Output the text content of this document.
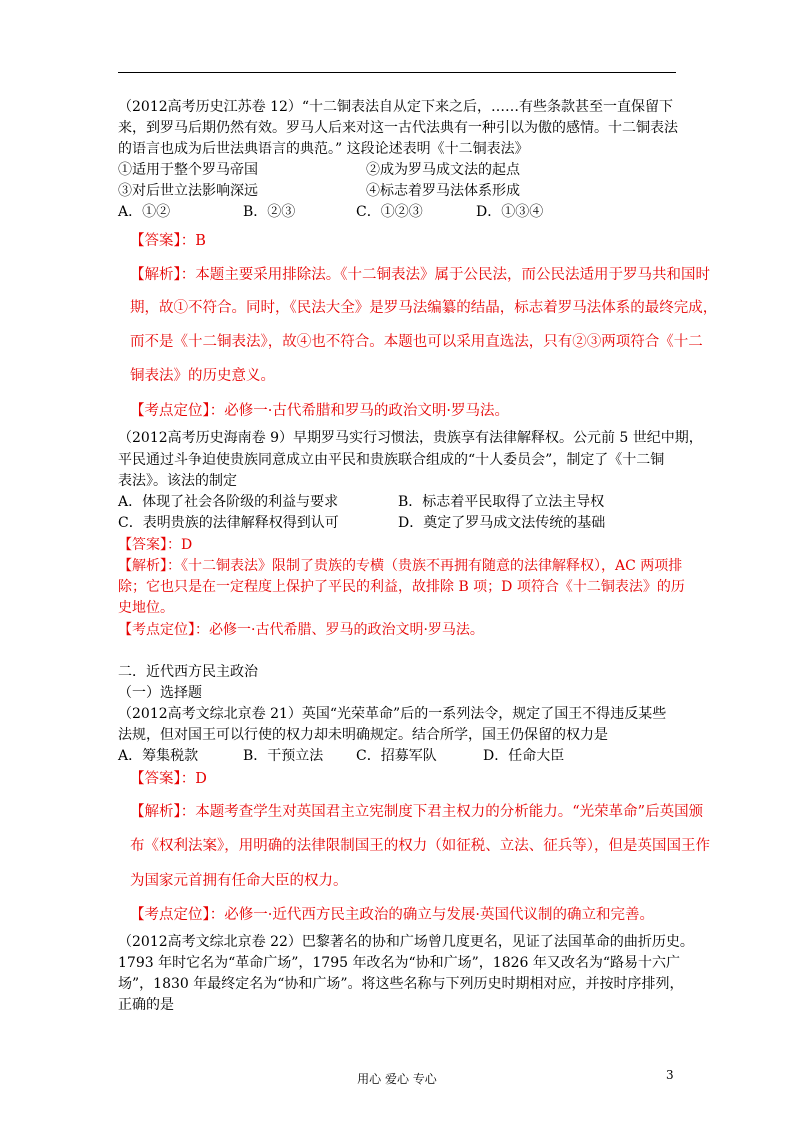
（2012高考历史江苏卷 12）“十二铜表法自从定下来之后，……有些条款甚至一直保留下
来，到罗马后期仍然有效。罗马人后来对这一古代法典有一种引以为傲的感情。十二铜表法
的语言也成为后世法典语言的典范。” 这段论述表明《十二铜表法》
①适用于整个罗马帝国	②成为罗马成文法的起点
③对后世立法影响深远	④标志着罗马法体系形成
A．①②	B．②③	C．①②③	D．①③④
【答案】：B
【解析】：本题主要采用排除法。《十二铜表法》属于公民法，而公民法适用于罗马共和国时
期，故①不符合。同时，《民法大全》是罗马法编纂的结晶，标志着罗马法体系的最终完成，
而不是《十二铜表法》，故④也不符合。本题也可以采用直选法，只有②③两项符合《十二
铜表法》的历史意义。
【考点定位】：必修一·古代希腊和罗马的政治文明·罗马法。
（2012高考历史海南卷 9）早期罗马实行习惯法，贵族享有法律解释权。公元前 5 世纪中期，
平民通过斗争迫使贵族同意成立由平民和贵族联合组成的“十人委员会”，制定了《十二铜
表法》。该法的制定
A．体现了社会各阶级的利益与要求	B．标志着平民取得了立法主导权
C．表明贵族的法律解释权得到认可	D．奠定了罗马成文法传统的基础
【答案】：D
【解析】：《十二铜表法》限制了贵族的专横（贵族不再拥有随意的法律解释权），AC 两项排
除；它也只是在一定程度上保护了平民的利益，故排除 B 项；D 项符合《十二铜表法》的历
史地位。
【考点定位】：必修一·古代希腊、罗马的政治文明·罗马法。
二．近代西方民主政治
（一）选择题
（2012高考文综北京卷 21）英国“光荣革命”后的一系列法令，规定了国王不得违反某些
法规，但对国王可以行使的权力却未明确规定。结合所学，国王仍保留的权力是
A．筹集税款	B．干预立法 C．招募军队	D．任命大臣
【答案】：D
【解析】：本题考查学生对英国君主立宪制度下君主权力的分析能力。“光荣革命”后英国颁
布《权利法案》，用明确的法律限制国王的权力（如征税、立法、征兵等），但是英国国王作
为国家元首拥有任命大臣的权力。
【考点定位】：必修一·近代西方民主政治的确立与发展·英国代议制的确立和完善。
（2012高考文综北京卷 22）巴黎著名的协和广场曾几度更名，见证了法国革命的曲折历史。
1793 年时它名为“革命广场”，1795 年改名为“协和广场”，1826 年又改名为“路易十六广
场”，1830 年最终定名为“协和广场”。将这些名称与下列历史时期相对应，并按时序排列，
正确的是
用心 爱心 专心	3
